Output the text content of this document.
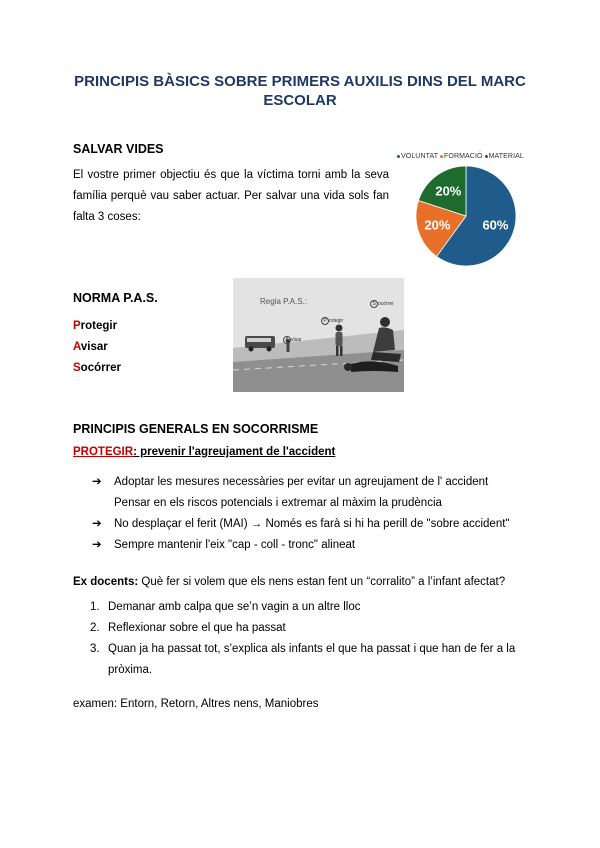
PRINCIPIS BÀSICS SOBRE PRIMERS AUXILIS DINS DEL MARC ESCOLAR
SALVAR VIDES
El vostre primer objectiu és que la víctima torni amb la seva família perquè vau saber actuar. Per salvar una vida sols fan falta 3 coses:
VOLUNTAT FORMACIÓ MATERIAL
60%
20%
20%
NORMA P.A.S.
Protegir
Avisar
Socórrer
Regla P.A.S.:
P rotegir
A visar
S ocórrer
PRINCIPIS GENERALS EN SOCORRISME
PROTEGIR: prevenir l'agreujament de l'accident
➔ Adoptar les mesures necessàries per evitar un agreujament de l' accident
Pensar en els riscos potencials i extremar al màxim la prudència
➔ No desplaçar el ferit (MAI) → Només es farà si hi ha perill de "sobre accident"
➔ Sempre mantenir l'eix "cap - coll - tronc" alineat
Ex docents: Què fer si volem que els nens estan fent un “corralito” a l’infant afectat?
1. Demanar amb calpa que se’n vagin a un altre lloc
2. Reflexionar sobre el que ha passat
3. Quan ja ha passat tot, s’explica als infants el que ha passat i que han de fer a la pròxima.
examen: Entorn, Retorn, Altres nens, Maniobres
